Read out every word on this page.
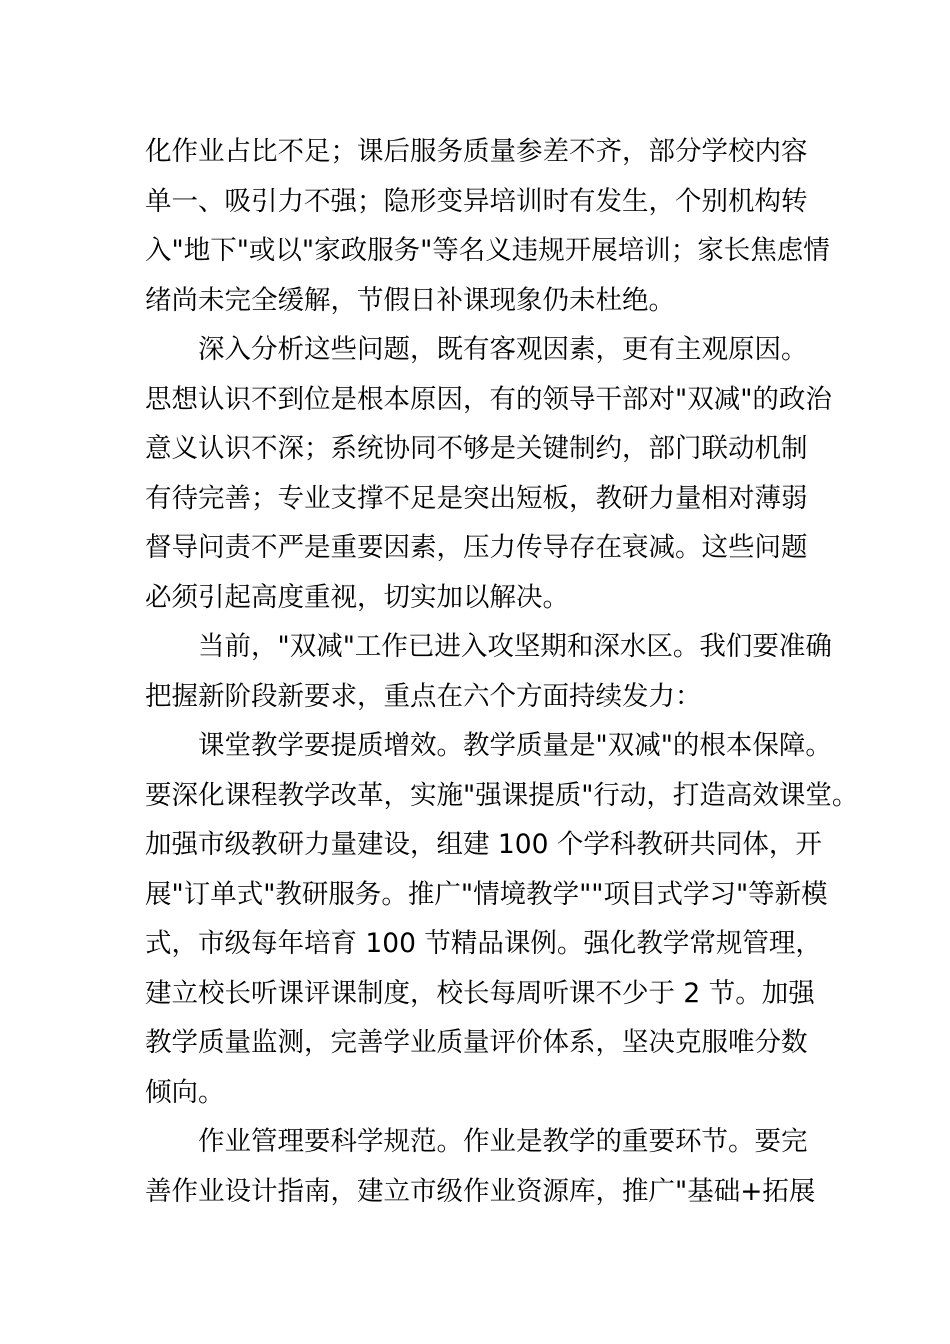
化作业占比不足；课后服务质量参差不齐，部分学校内容
单一、吸引力不强；隐形变异培训时有发生，个别机构转
入"地下"或以"家政服务"等名义违规开展培训；家长焦虑情
绪尚未完全缓解，节假日补课现象仍未杜绝。
　　深入分析这些问题，既有客观因素，更有主观原因。
思想认识不到位是根本原因，有的领导干部对"双减"的政治
意义认识不深；系统协同不够是关键制约，部门联动机制
有待完善；专业支撑不足是突出短板，教研力量相对薄弱
督导问责不严是重要因素，压力传导存在衰减。这些问题
必须引起高度重视，切实加以解决。
　　当前，"双减"工作已进入攻坚期和深水区。我们要准确
把握新阶段新要求，重点在六个方面持续发力：
　　课堂教学要提质增效。教学质量是"双减"的根本保障。
要深化课程教学改革，实施"强课提质"行动，打造高效课堂。
加强市级教研力量建设，组建 100 个学科教研共同体，开
展"订单式"教研服务。推广"情境教学""项目式学习"等新模
式，市级每年培育 100 节精品课例。强化教学常规管理，
建立校长听课评课制度，校长每周听课不少于 2 节。加强
教学质量监测，完善学业质量评价体系，坚决克服唯分数
倾向。
　　作业管理要科学规范。作业是教学的重要环节。要完
善作业设计指南，建立市级作业资源库，推广"基础+拓展
